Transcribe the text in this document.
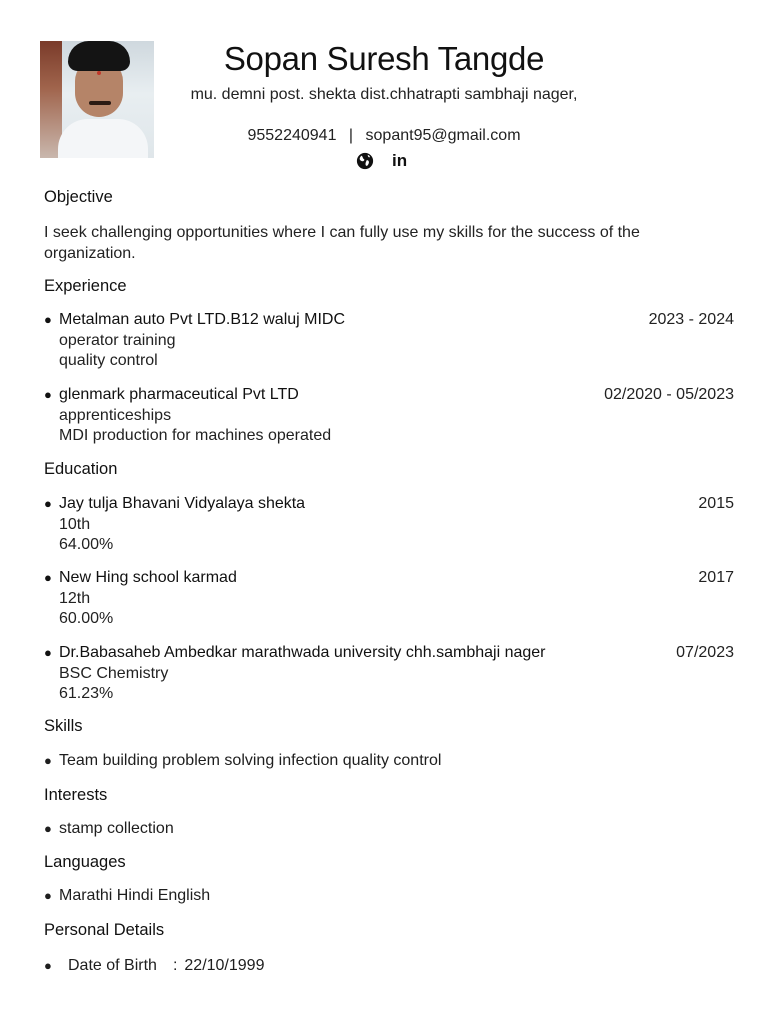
Sopan Suresh Tangde
mu. demni post. shekta dist.chhatrapti sambhaji nager,
9552240941 | sopant95@gmail.com
in
Objective
I seek challenging opportunities where I can fully use my skills for the success of the organization.
Experience
● Metalman auto Pvt LTD.B12 waluj MIDC	2023 - 2024
operator training
quality control
● glenmark pharmaceutical Pvt LTD	02/2020 - 05/2023
apprenticeships
MDI production for machines operated
Education
● Jay tulja Bhavani Vidyalaya shekta	2015
10th
64.00%
● New Hing school karmad	2017
12th
60.00%
● Dr.Babasaheb Ambedkar marathwada university chh.sambhaji nager	07/2023
BSC Chemistry
61.23%
Skills
● Team building problem solving infection quality control
Interests
● stamp collection
Languages
● Marathi Hindi English
Personal Details
● Date of Birth : 22/10/1999
